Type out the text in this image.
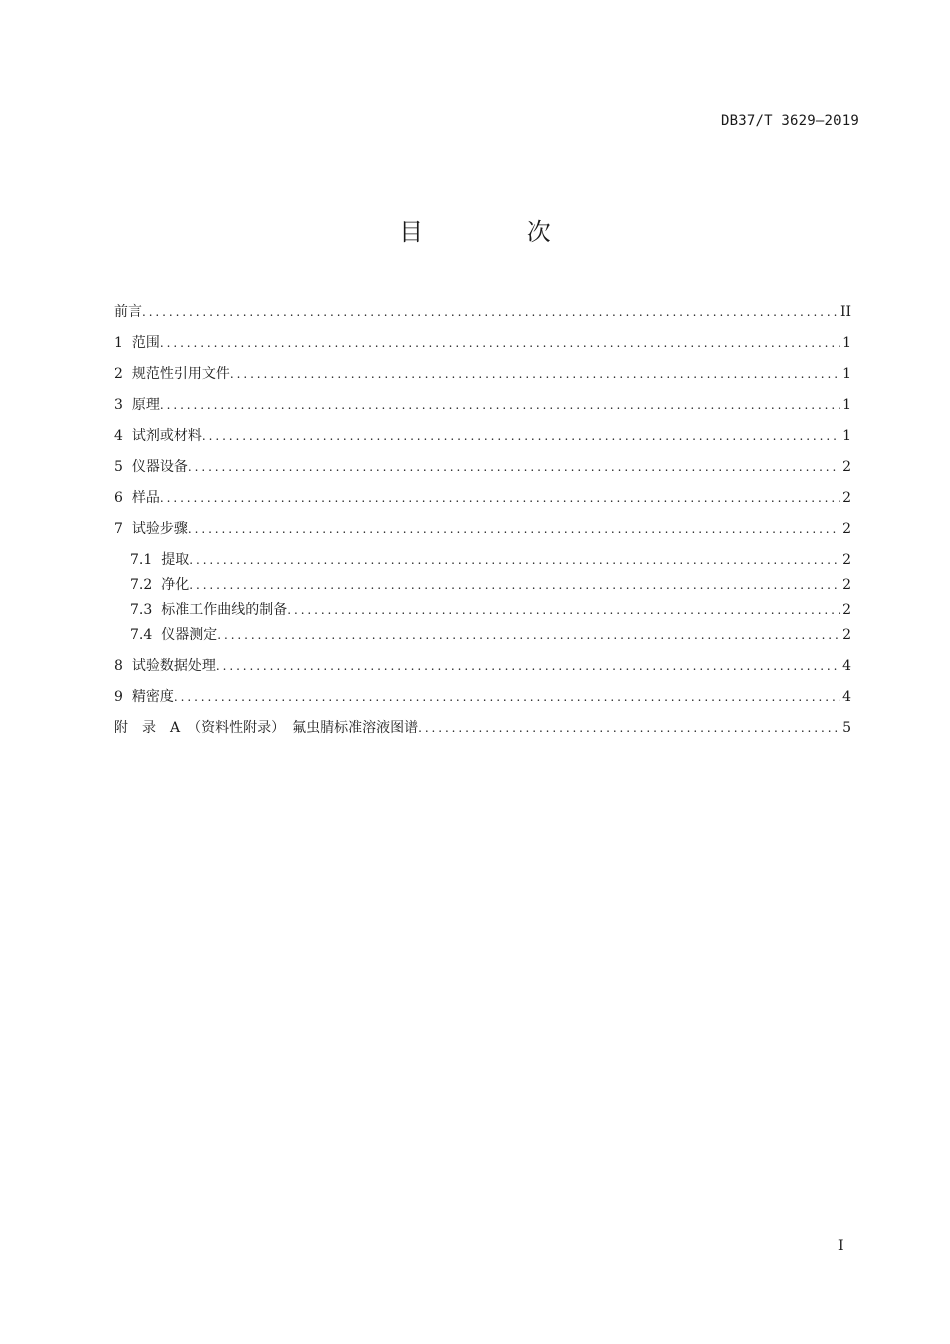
DB37/T 3629—2019
目 次
前言 .....	II
1 范围 .....	1
2 规范性引用文件 .....	1
3 原理 .....	1
4 试剂或材料 .....	1
5 仪器设备 .....	2
6 样品 .....	2
7 试验步骤 .....	2
7.1 提取 .....	2
7.2 净化 .....	2
7.3 标准工作曲线的制备 .....	2
7.4 仪器测定 .....	2
8 试验数据处理 .....	4
9 精密度 .....	4
附　录　A　（资料性附录）　氟虫腈标准溶液图谱 .....	5
I
